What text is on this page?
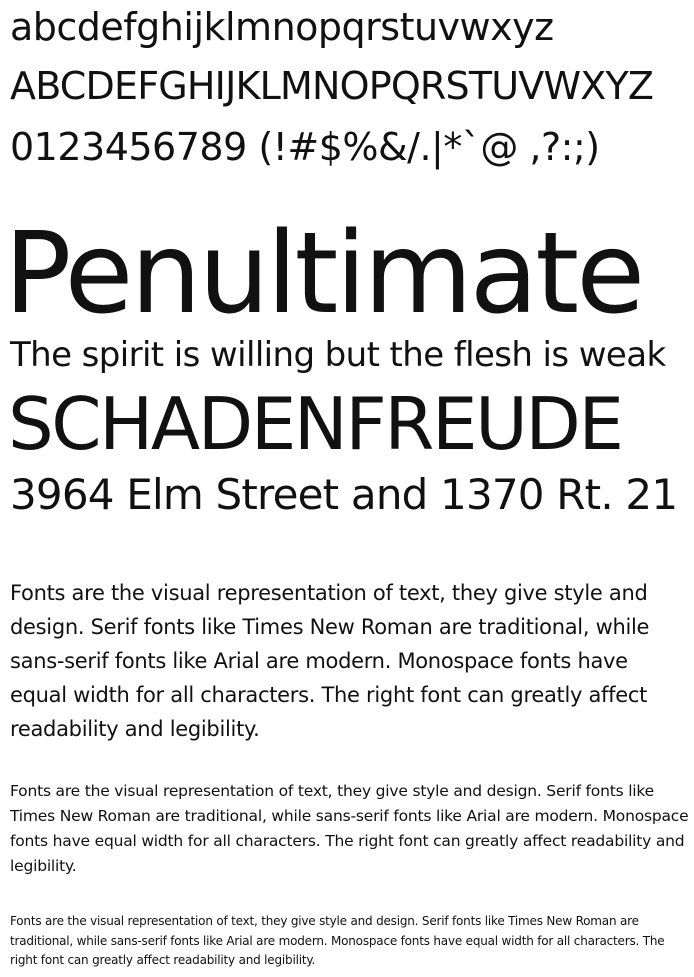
abcdefghijklmnopqrstuvwxyz

ABCDEFGHIJKLMNOPQRSTUVWXYZ

0123456789 (!#$%&/.|*`@ ,?:;)

Penultimate

The spirit is willing but the flesh is weak

SCHADENFREUDE

3964 Elm Street and 1370 Rt. 21

Fonts are the visual representation of text, they give style and design. Serif fonts like Times New Roman are traditional, while sans-serif fonts like Arial are modern. Monospace fonts have equal width for all characters. The right font can greatly affect readability and legibility.

Fonts are the visual representation of text, they give style and design. Serif fonts like Times New Roman are traditional, while sans-serif fonts like Arial are modern. Monospace fonts have equal width for all characters. The right font can greatly affect readability and legibility.

Fonts are the visual representation of text, they give style and design. Serif fonts like Times New Roman are traditional, while sans-serif fonts like Arial are modern. Monospace fonts have equal width for all characters. The right font can greatly affect readability and legibility.
